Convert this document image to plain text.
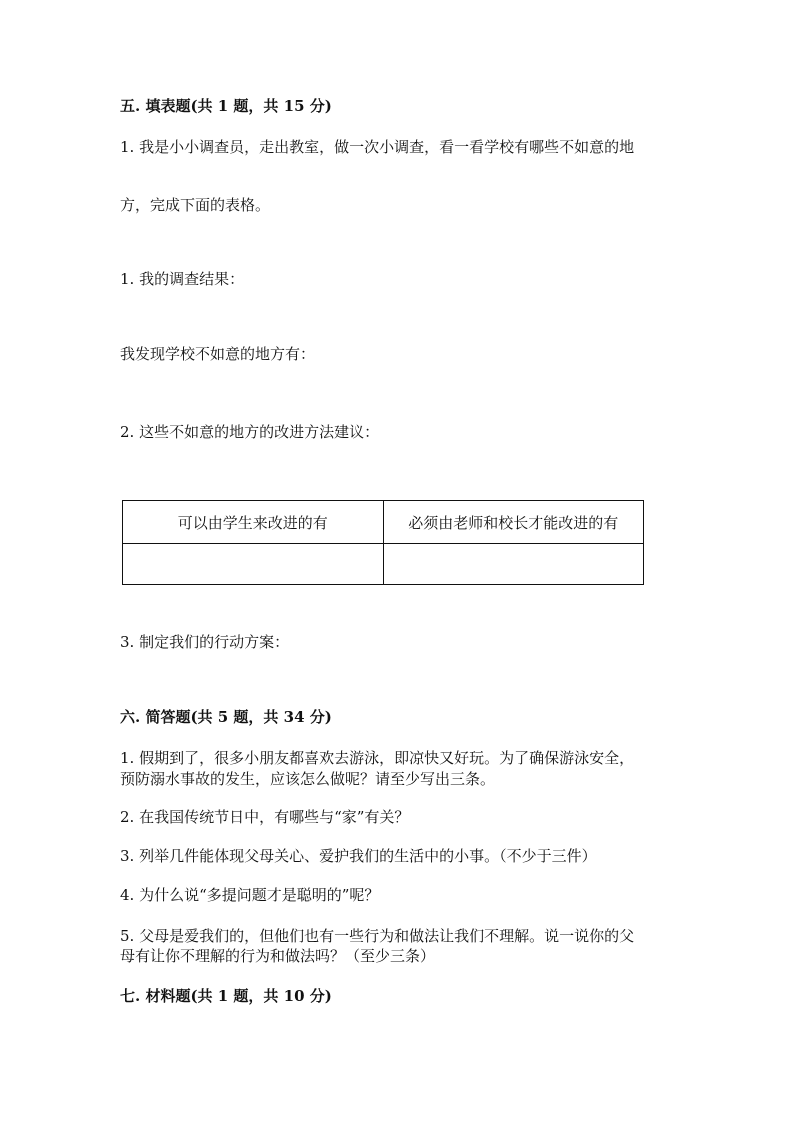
五. 填表题(共 1 题，共 15 分)
1. 我是小小调查员，走出教室，做一次小调查，看一看学校有哪些不如意的地
方，完成下面的表格。
1. 我的调查结果：
我发现学校不如意的地方有：
2. 这些不如意的地方的改进方法建议：
可以由学生来改进的有	必须由老师和校长才能改进的有

3. 制定我们的行动方案：
六. 简答题(共 5 题，共 34 分)
1. 假期到了，很多小朋友都喜欢去游泳，即凉快又好玩。为了确保游泳安全，
预防溺水事故的发生，应该怎么做呢？请至少写出三条。
2. 在我国传统节日中，有哪些与“家”有关？
3. 列举几件能体现父母关心、爱护我们的生活中的小事。（不少于三件）
4. 为什么说“多提问题才是聪明的”呢？
5. 父母是爱我们的，但他们也有一些行为和做法让我们不理解。说一说你的父
母有让你不理解的行为和做法吗？（至少三条）
七. 材料题(共 1 题，共 10 分)
